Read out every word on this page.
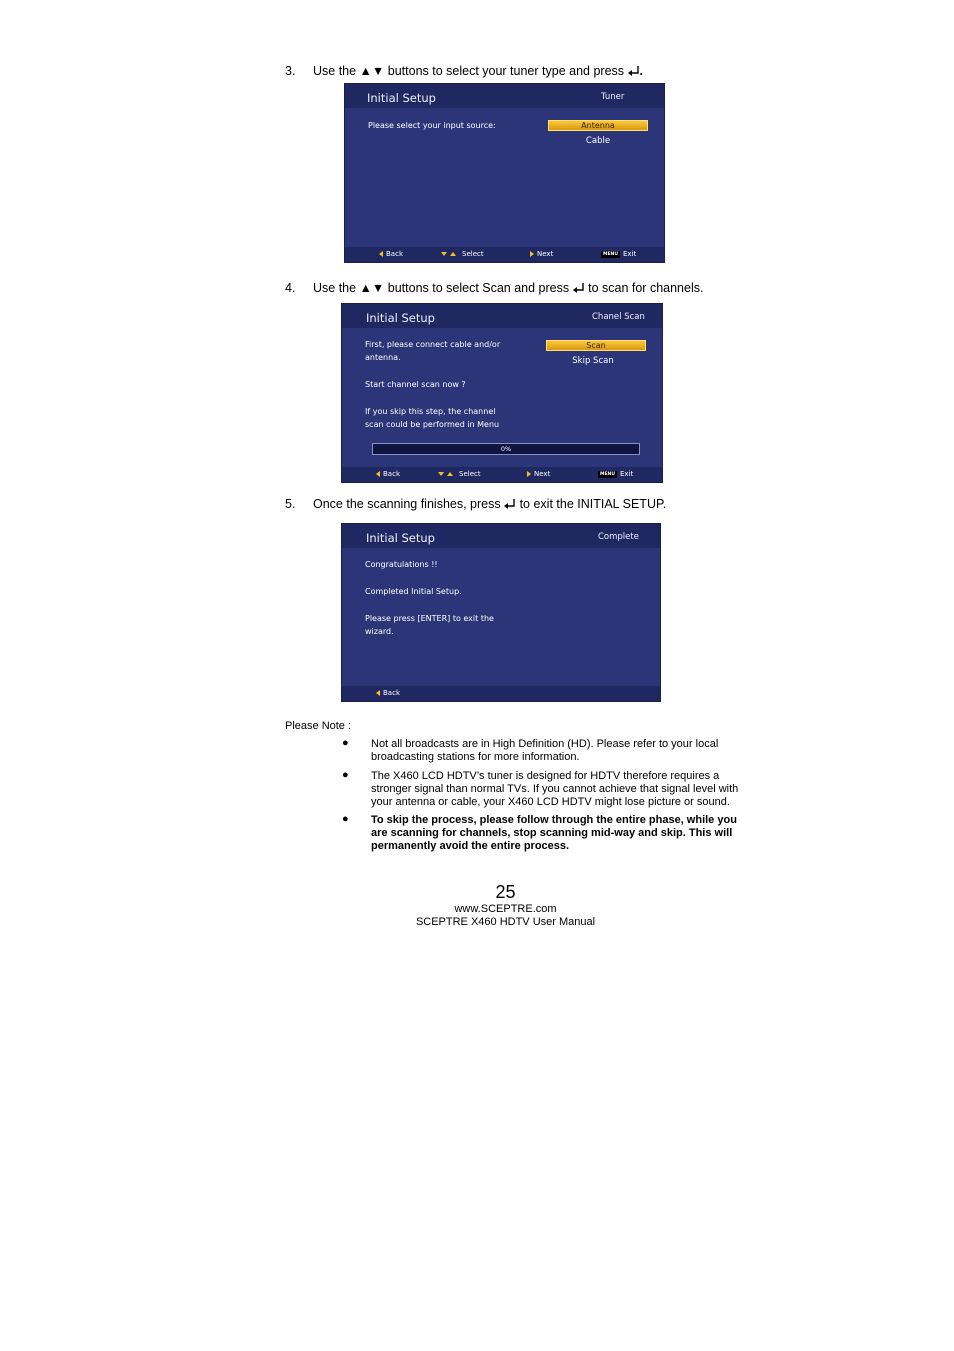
3. Use the ▲▼ buttons to select your tuner type and press .
Initial Setup	Tuner
Please select your input source:	Antenna
Cable
Back	Select	Next	MENU Exit
4. Use the ▲▼ buttons to select Scan and press to scan for channels.
Initial Setup	Chanel Scan
First, please connect cable and/or
antenna.
Start channel scan now ?
If you skip this step, the channel
scan could be performed in Menu
Scan
Skip Scan
0%
Back	Select	Next	MENU Exit
5. Once the scanning finishes, press to exit the INITIAL SETUP.
Initial Setup	Complete
Congratulations !!
Completed Initial Setup.
Please press [ENTER] to exit the
wizard.
Back
Please Note :
● Not all broadcasts are in High Definition (HD). Please refer to your local
broadcasting stations for more information.
● The X460 LCD HDTV’s tuner is designed for HDTV therefore requires a
stronger signal than normal TVs. If you cannot achieve that signal level with
your antenna or cable, your X460 LCD HDTV might lose picture or sound.
● To skip the process, please follow through the entire phase, while you
are scanning for channels, stop scanning mid-way and skip. This will
permanently avoid the entire process.
25
www.SCEPTRE.com
SCEPTRE X460 HDTV User Manual
